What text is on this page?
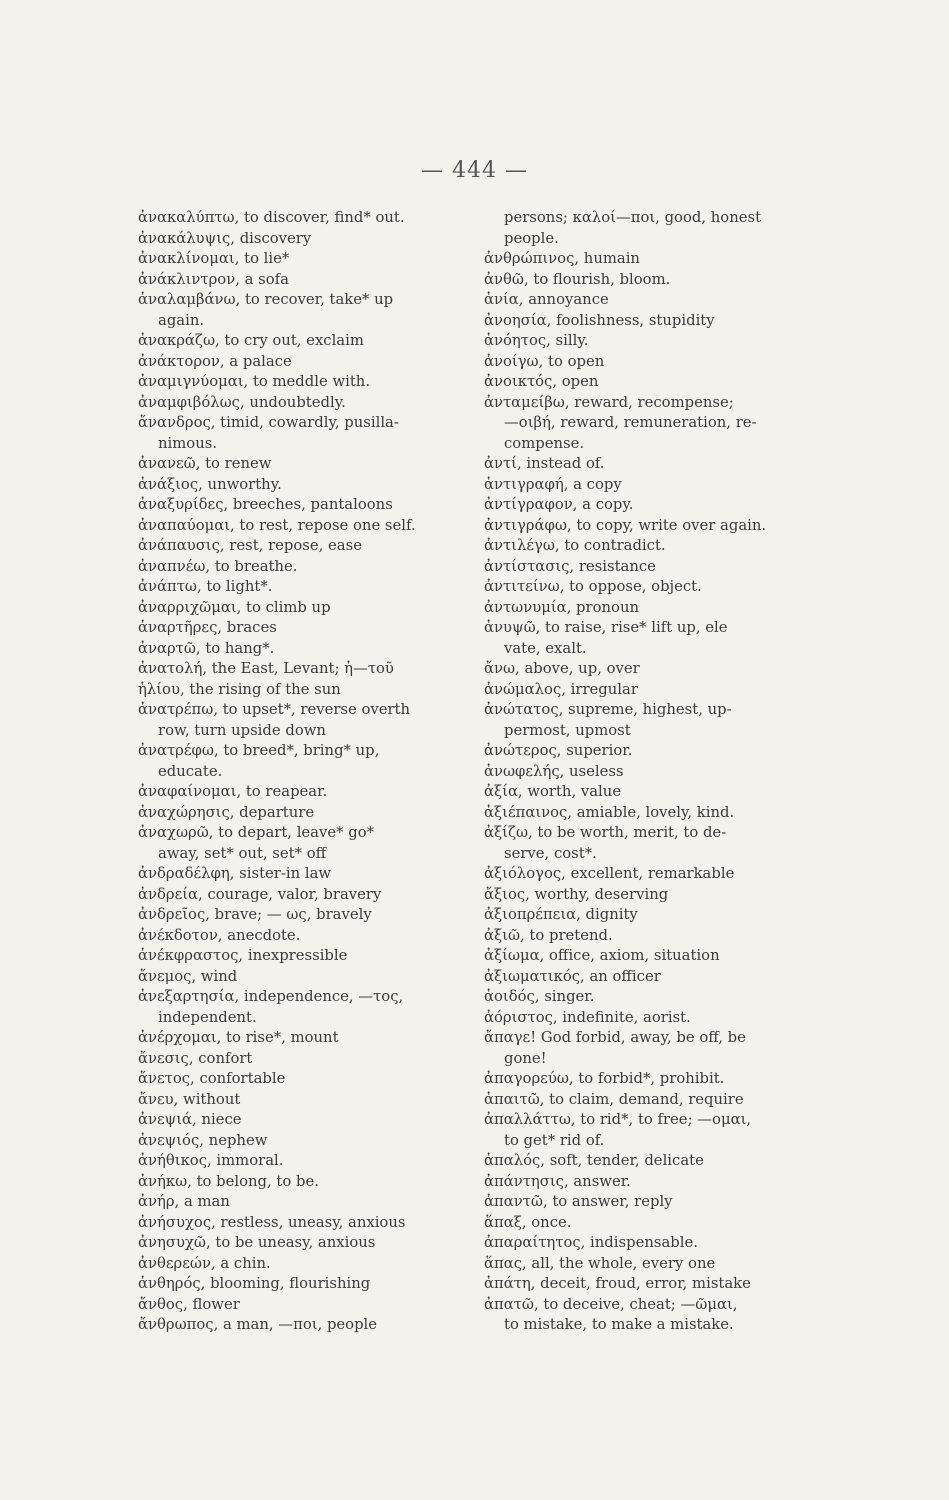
— 444 —
ἀνακαλύπτω, to discover, find* out.
ἀνακάλυψις, discovery
ἀνακλίνομαι, to lie*
ἀνάκλιντρον, a sofa
ἀναλαμβάνω, to recover, take* up
again.
ἀνακράζω, to cry out, exclaim
ἀνάκτορον, a palace
ἀναμιγνύομαι, to meddle with.
ἀναμφιβόλως, undoubtedly.
ἄνανδρος, timid, cowardly, pusilla-
nimous.
ἀνανεῶ, to renew
ἀνάξιος, unworthy.
ἀναξυρίδες, breeches, pantaloons
ἀναπαύομαι, to rest, repose one self.
ἀνάπαυσις, rest, repose, ease
ἀναπνέω, to breathe.
ἀνάπτω, to light*.
ἀναρριχῶμαι, to climb up
ἀναρτῆρες, braces
ἀναρτῶ, to hang*.
ἀνατολή, the East, Levant; ἡ—τοῦ
ἡλίου, the rising of the sun
ἀνατρέπω, to upset*, reverse overth
row, turn upside down
ἀνατρέφω, to breed*, bring* up,
educate.
ἀναφαίνομαι, to reapear.
ἀναχώρησις, departure
ἀναχωρῶ, to depart, leave* go*
away, set* out, set* off
ἀνδραδέλφη, sister-in law
ἀνδρεία, courage, valor, bravery
ἀνδρεῖος, brave; — ως, bravely
ἀνέκδοτον, anecdote.
ἀνέκφραστος, inexpressible
ἄνεμος, wind
ἀνεξαρτησία, independence, —τος,
independent.
ἀνέρχομαι, to rise*, mount
ἄνεσις, confort
ἄνετος, confortable
ἄνευ, without
ἀνεψιά, niece
ἀνεψιός, nephew
ἀνήθικος, immoral.
ἀνήκω, to belong, to be.
ἀνήρ, a man
ἀνήσυχος, restless, uneasy, anxious
ἀνησυχῶ, to be uneasy, anxious
ἀνθερεών, a chin.
ἀνθηρός, blooming, flourishing
ἄνθος, flower
ἄνθρωπος, a man, —ποι, people
persons; καλοί—ποι, good, honest
people.
ἀνθρώπινος, humain
ἀνθῶ, to flourish, bloom.
ἀνία, annoyance
ἀνοησία, foolishness, stupidity
ἀνόητος, silly.
ἀνοίγω, to open
ἀνοικτός, open
ἀνταμείβω, reward, recompense;
—οιβή, reward, remuneration, re-
compense.
ἀντί, instead of.
ἀντιγραφή, a copy
ἀντίγραφον, a copy.
ἀντιγράφω, to copy, write over again.
ἀντιλέγω, to contradict.
ἀντίστασις, resistance
ἀντιτείνω, to oppose, object.
ἀντωνυμία, pronoun
ἀνυψῶ, to raise, rise* lift up, ele
vate, exalt.
ἄνω, above, up, over
ἀνώμαλος, irregular
ἀνώτατος, supreme, highest, up-
permost, upmost
ἀνώτερος, superior.
ἀνωφελής, useless
ἀξία, worth, value
ἀξιέπαινος, amiable, lovely, kind.
ἀξίζω, to be worth, merit, to de-
serve, cost*.
ἀξιόλογος, excellent, remarkable
ἄξιος, worthy, deserving
ἀξιοπρέπεια, dignity
ἀξιῶ, to pretend.
ἀξίωμα, office, axiom, situation
ἀξιωματικός, an officer
ἀοιδός, singer.
ἀόριστος, indefinite, aorist.
ἄπαγε! God forbid, away, be off, be
gone!
ἀπαγορεύω, to forbid*, prohibit.
ἀπαιτῶ, to claim, demand, require
ἀπαλλάττω, to rid*, to free; —ομαι,
to get* rid of.
ἁπαλός, soft, tender, delicate
ἀπάντησις, answer.
ἀπαντῶ, to answer, reply
ἅπαξ, once.
ἀπαραίτητος, indispensable.
ἅπας, all, the whole, every one
ἀπάτη, deceit, froud, error, mistake
ἀπατῶ, to deceive, cheat; —ῶμαι,
to mistake, to make a mistake.
